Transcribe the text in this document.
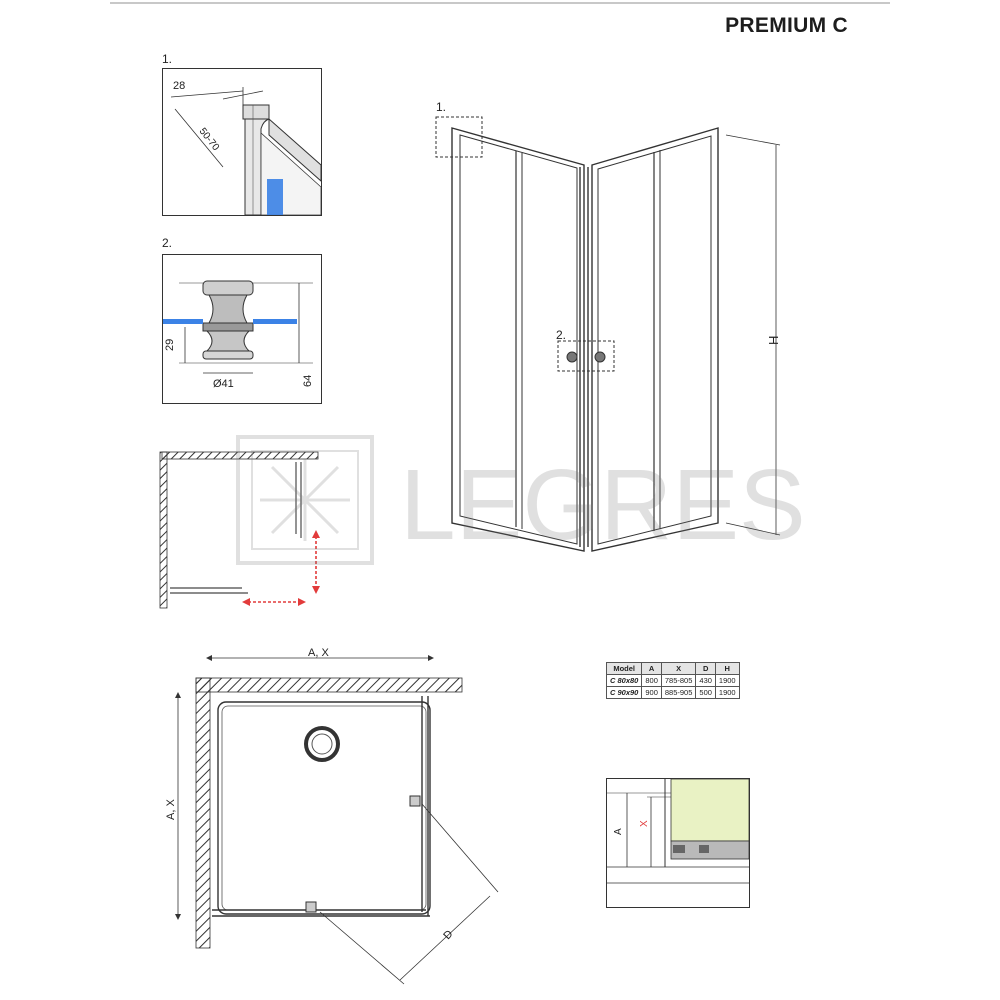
PREMIUM C
1.
28
50-70
2.
29
Ø41	64
1.
2.	H
A, X
A, X
D
Model	A	X	D	H
C 80x80	800	785-805	430	1900
C 90x90	900	885-905	500	1900
A
X
LEGRES
